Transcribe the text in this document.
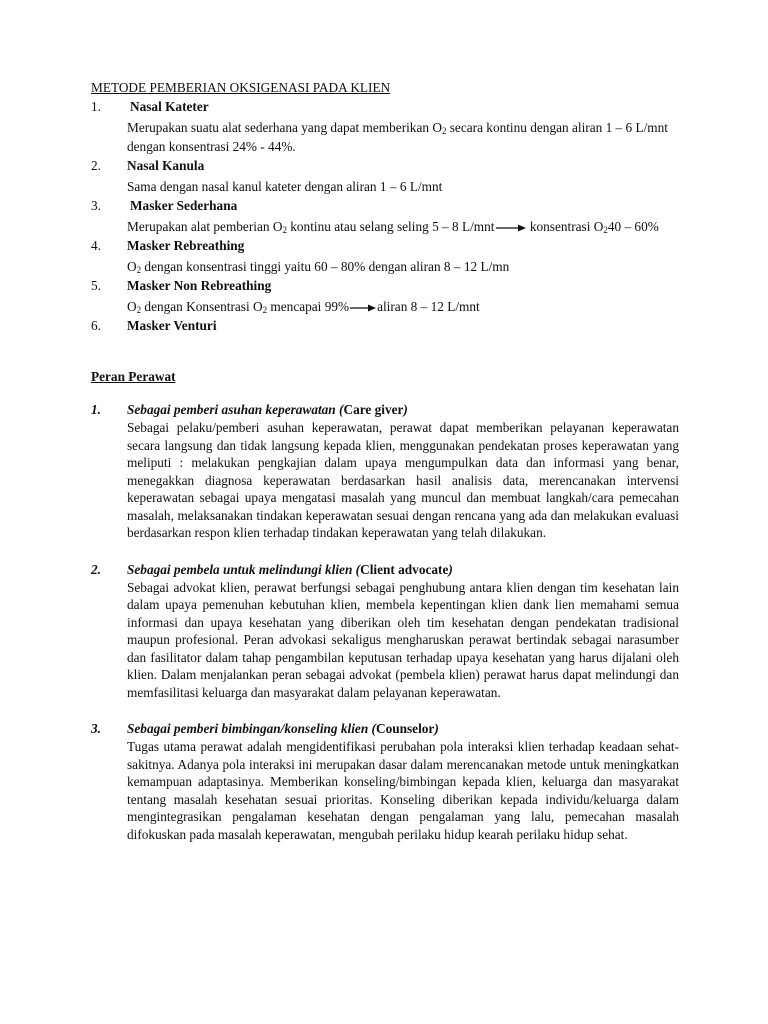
METODE PEMBERIAN OKSIGENASI PADA KLIEN

1.	Nasal Kateter

Merupakan suatu alat sederhana yang dapat memberikan $O_2$ secara kontinu dengan aliran 1 – 6 L/mnt dengan konsentrasi 24% - 44%.

2.	Nasal Kanula

Sama dengan nasal kanul kateter dengan aliran 1 – 6 L/mnt

3.	Masker Sederhana

Merupakan alat pemberian $O_2$ kontinu atau selang seling 5 – 8 L/mnt konsentrasi $O_240 - 60\%$

4.	Masker Rebreathing

$O_2$ dengan konsentrasi tinggi yaitu 60 – 80% dengan aliran 8 – 12 L/mn

5.	Masker Non Rebreathing

$O_2$ dengan Konsentrasi $O_2$ mencapai 99% aliran 8 – 12 L/mnt

6.	Masker Venturi

Peran Perawat

1.	Sebagai pemberi asuhan keperawatan (Care giver)

Sebagai pelaku/pemberi asuhan keperawatan, perawat dapat memberikan pelayanan keperawatan secara langsung dan tidak langsung kepada klien, menggunakan pendekatan proses keperawatan yang meliputi : melakukan pengkajian dalam upaya mengumpulkan data dan informasi yang benar, menegakkan diagnosa keperawatan berdasarkan hasil analisis data, merencanakan intervensi keperawatan sebagai upaya mengatasi masalah yang muncul dan membuat langkah/cara pemecahan masalah, melaksanakan tindakan keperawatan sesuai dengan rencana yang ada dan melakukan evaluasi berdasarkan respon klien terhadap tindakan keperawatan yang telah dilakukan.

2.	Sebagai pembela untuk melindungi klien (Client advocate)

Sebagai advokat klien, perawat berfungsi sebagai penghubung antara klien dengan tim kesehatan lain dalam upaya pemenuhan kebutuhan klien, membela kepentingan klien dank lien memahami semua informasi dan upaya kesehatan yang diberikan oleh tim kesehatan dengan pendekatan tradisional maupun profesional. Peran advokasi sekaligus mengharuskan perawat bertindak sebagai narasumber dan fasilitator dalam tahap pengambilan keputusan terhadap upaya kesehatan yang harus dijalani oleh klien. Dalam menjalankan peran sebagai advokat (pembela klien) perawat harus dapat melindungi dan memfasilitasi keluarga dan masyarakat dalam pelayanan keperawatan.

3.	Sebagai pemberi bimbingan/konseling klien (Counselor)

Tugas utama perawat adalah mengidentifikasi perubahan pola interaksi klien terhadap keadaan sehat-sakitnya. Adanya pola interaksi ini merupakan dasar dalam merencanakan metode untuk meningkatkan kemampuan adaptasinya. Memberikan konseling/bimbingan kepada klien, keluarga dan masyarakat tentang masalah kesehatan sesuai prioritas. Konseling diberikan kepada individu/keluarga dalam mengintegrasikan pengalaman kesehatan dengan pengalaman yang lalu, pemecahan masalah difokuskan pada masalah keperawatan, mengubah perilaku hidup kearah perilaku hidup sehat.
